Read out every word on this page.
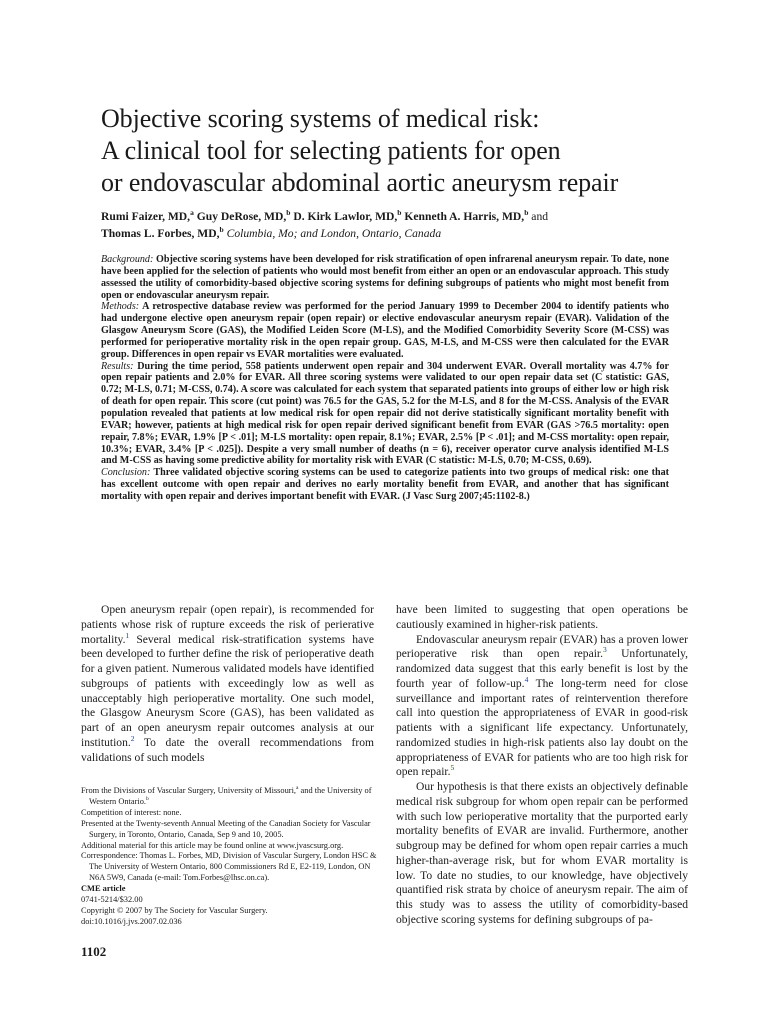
Objective scoring systems of medical risk:
A clinical tool for selecting patients for open
or endovascular abdominal aortic aneurysm repair
Rumi Faizer, MD,$^a$ Guy DeRose, MD,$^b$ D. Kirk Lawlor, MD,$^b$ Kenneth A. Harris, MD,$^b$ and
Thomas L. Forbes, MD,$^b$ Columbia, Mo; and London, Ontario, Canada

Background: Objective scoring systems have been developed for risk stratification of open infrarenal aneurysm repair. To date, none have been applied for the selection of patients who would most benefit from either an open or an endovascular approach. This study assessed the utility of comorbidity-based objective scoring systems for defining subgroups of patients who might most benefit from open or endovascular aneurysm repair.

Methods: A retrospective database review was performed for the period January 1999 to December 2004 to identify patients who had undergone elective open aneurysm repair (open repair) or elective endovascular aneurysm repair (EVAR). Validation of the Glasgow Aneurysm Score (GAS), the Modified Leiden Score (M-LS), and the Modified Comorbidity Severity Score (M-CSS) was performed for perioperative mortality risk in the open repair group. GAS, M-LS, and M-CSS were then calculated for the EVAR group. Differences in open repair vs EVAR mortalities were evaluated.

Results: During the time period, 558 patients underwent open repair and 304 underwent EVAR. Overall mortality was 4.7% for open repair patients and 2.0% for EVAR. All three scoring systems were validated to our open repair data set (C statistic: GAS, 0.72; M-LS, 0.71; M-CSS, 0.74). A score was calculated for each system that separated patients into groups of either low or high risk of death for open repair. This score (cut point) was 76.5 for the GAS, 5.2 for the M-LS, and 8 for the M-CSS. Analysis of the EVAR population revealed that patients at low medical risk for open repair did not derive statistically significant mortality benefit with EVAR; however, patients at high medical risk for open repair derived significant benefit from EVAR (GAS >76.5 mortality: open repair, 7.8%; EVAR, 1.9% [P < .01]; M-LS mortality: open repair, 8.1%; EVAR, 2.5% [P < .01]; and M-CSS mortality: open repair, 10.3%; EVAR, 3.4% [P < .025]). Despite a very small number of deaths (n = 6), receiver operator curve analysis identified M-LS and M-CSS as having some predictive ability for mortality risk with EVAR (C statistic: M-LS, 0.70; M-CSS, 0.69).

Conclusion: Three validated objective scoring systems can be used to categorize patients into two groups of medical risk: one that has excellent outcome with open repair and derives no early mortality benefit from EVAR, and another that has significant mortality with open repair and derives important benefit with EVAR. (J Vasc Surg 2007;45:1102-8.)

Open aneurysm repair (open repair), is recommended for patients whose risk of rupture exceeds the risk of perierative mortality.$^1$ Several medical risk-stratification systems have been developed to further define the risk of perioperative death for a given patient. Numerous validated models have identified subgroups of patients with exceedingly low as well as unacceptably high perioperative mortality. One such model, the Glasgow Aneurysm Score (GAS), has been validated as part of an open aneurysm repair outcomes analysis at our institution.$^2$ To date the overall recommendations from validations of such models

have been limited to suggesting that open operations be cautiously examined in higher-risk patients.

Endovascular aneurysm repair (EVAR) has a proven lower perioperative risk than open repair.$^3$ Unfortunately, randomized data suggest that this early benefit is lost by the fourth year of follow-up.$^4$ The long-term need for close surveillance and important rates of reintervention therefore call into question the appropriateness of EVAR in good-risk patients with a significant life expectancy. Unfortunately, randomized studies in high-risk patients also lay doubt on the appropriateness of EVAR for patients who are too high risk for open repair.$^5$

Our hypothesis is that there exists an objectively definable medical risk subgroup for whom open repair can be performed with such low perioperative mortality that the purported early mortality benefits of EVAR are invalid. Furthermore, another subgroup may be defined for whom open repair carries a much higher-than-average risk, but for whom EVAR mortality is low. To date no studies, to our knowledge, have objectively quantified risk strata by choice of aneurysm repair. The aim of this study was to assess the utility of comorbidity-based objective scoring systems for defining subgroups of pa-

From the Divisions of Vascular Surgery, University of Missouri,$^a$ and the University of Western Ontario.$^b$
Competition of interest: none.
Presented at the Twenty-seventh Annual Meeting of the Canadian Society for Vascular Surgery, in Toronto, Ontario, Canada, Sep 9 and 10, 2005.
Additional material for this article may be found online at www.jvascsurg.org.
Correspondence: Thomas L. Forbes, MD, Division of Vascular Surgery, London HSC & The University of Western Ontario, 800 Commissioners Rd E, E2-119, London, ON N6A 5W9, Canada (e-mail: Tom.Forbes@lhsc.on.ca).
CME article
0741-5214/$32.00
Copyright © 2007 by The Society for Vascular Surgery.
doi:10.1016/j.jvs.2007.02.036
1102
